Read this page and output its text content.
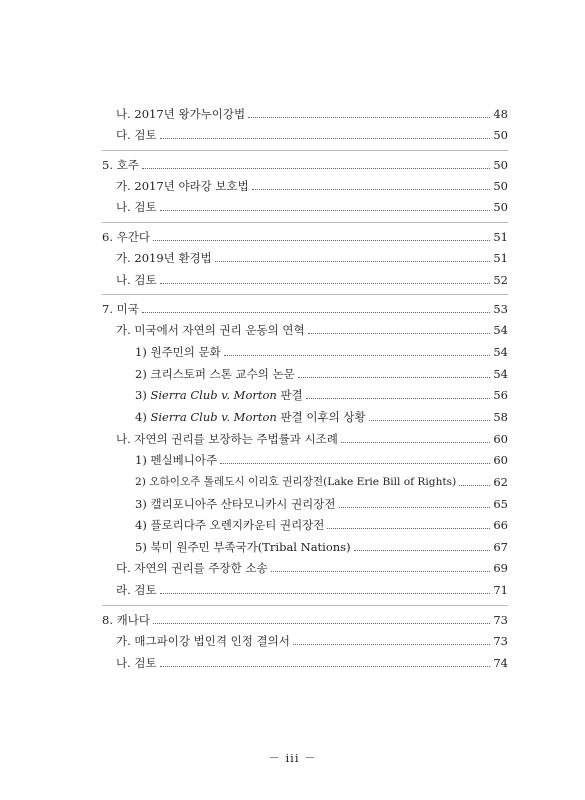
나. 2017년 왕가누이강법	48
다. 검토	50
5. 호주	50
가. 2017년 야라강 보호법	50
나. 검토	50
6. 우간다	51
가. 2019년 환경법	51
나. 검토	52
7. 미국	53
가. 미국에서 자연의 권리 운동의 연혁	54
1) 원주민의 문화	54
2) 크리스토퍼 스톤 교수의 논문	54
3) Sierra Club v. Morton 판결	56
4) Sierra Club v. Morton 판결 이후의 상황	58
나. 자연의 권리를 보장하는 주법률과 시조례	60
1) 펜실베니아주	60
2) 오하이오주 톨레도시 이리호 권리장전(Lake Erie Bill of Rights)	62
3) 캘리포니아주 산타모니카시 권리장전	65
4) 플로리다주 오렌지카운티 권리장전	66
5) 북미 원주민 부족국가(Tribal Nations)	67
다. 자연의 권리를 주장한 소송	69
라. 검토	71
8. 캐나다	73
가. 매그파이강 법인격 인정 결의서	73
나. 검토	74
－ iii －
